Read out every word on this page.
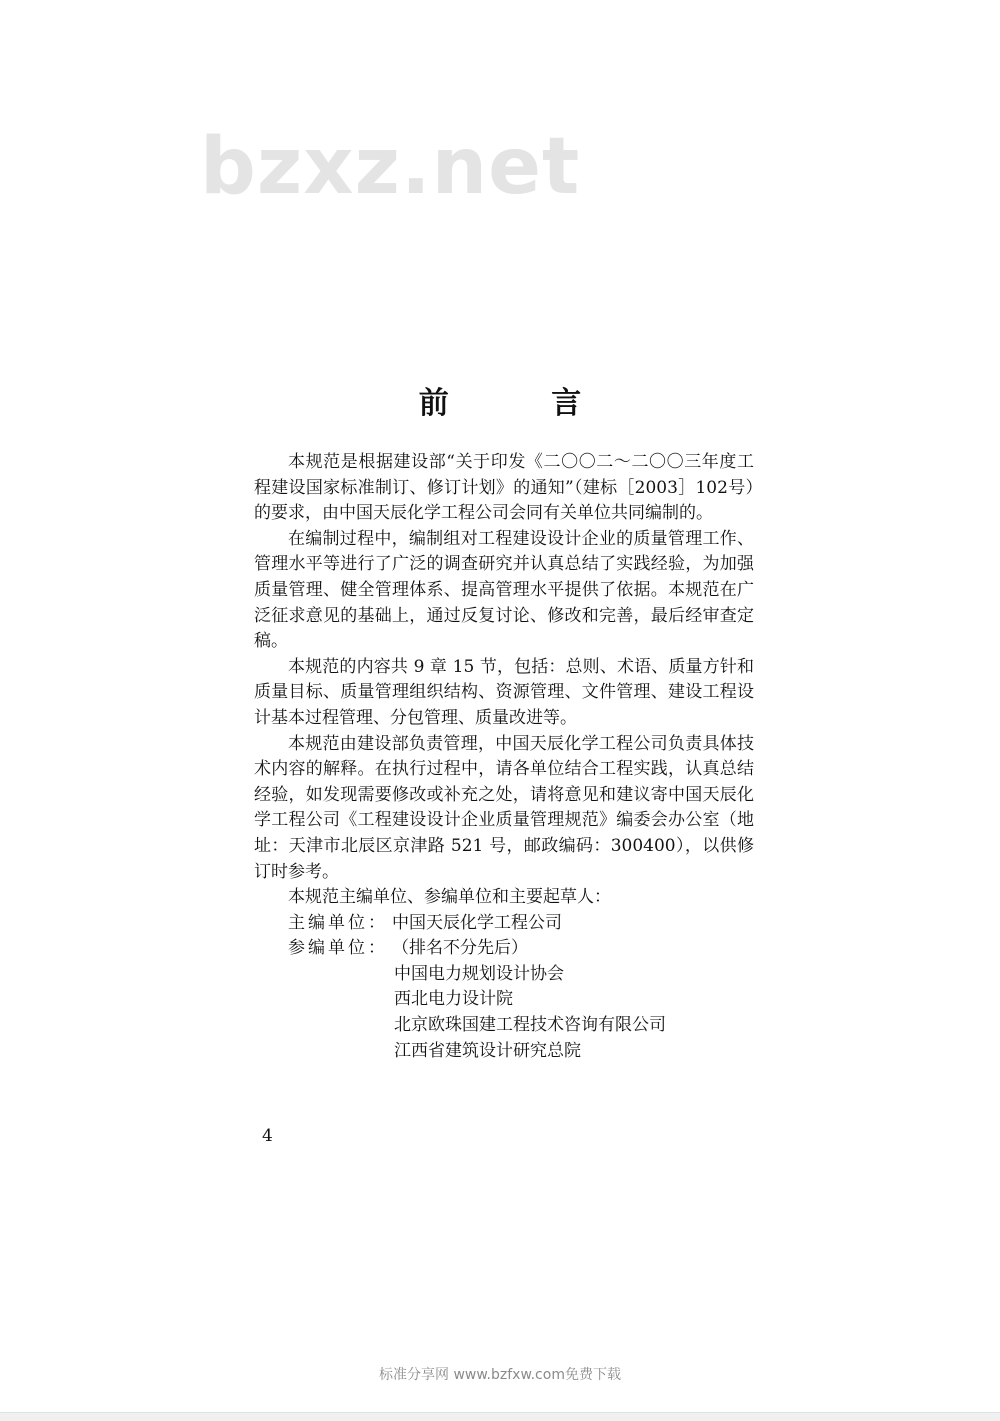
bzxz.net
前 言

本规范是根据建设部“关于印发《二〇〇二～二〇〇三年度工程建设国家标准制订、修订计划》的通知”（建标［2003］102号）的要求，由中国天辰化学工程公司会同有关单位共同编制的。

在编制过程中，编制组对工程建设设计企业的质量管理工作、管理水平等进行了广泛的调查研究并认真总结了实践经验，为加强质量管理、健全管理体系、提高管理水平提供了依据。本规范在广泛征求意见的基础上，通过反复讨论、修改和完善，最后经审查定稿。

本规范的内容共 9 章 15 节，包括：总则、术语、质量方针和质量目标、质量管理组织结构、资源管理、文件管理、建设工程设计基本过程管理、分包管理、质量改进等。

本规范由建设部负责管理，中国天辰化学工程公司负责具体技术内容的解释。在执行过程中，请各单位结合工程实践，认真总结经验，如发现需要修改或补充之处，请将意见和建议寄中国天辰化学工程公司《工程建设设计企业质量管理规范》编委会办公室（地址：天津市北辰区京津路 521 号，邮政编码：300400），以供修订时参考。

本规范主编单位、参编单位和主要起草人：

主编单位： 中国天辰化学工程公司

参编单位： （排名不分先后）

中国电力规划设计协会

西北电力设计院

北京欧珠国建工程技术咨询有限公司

江西省建筑设计研究总院

4
标准分享网 www.bzfxw.com免费下载
